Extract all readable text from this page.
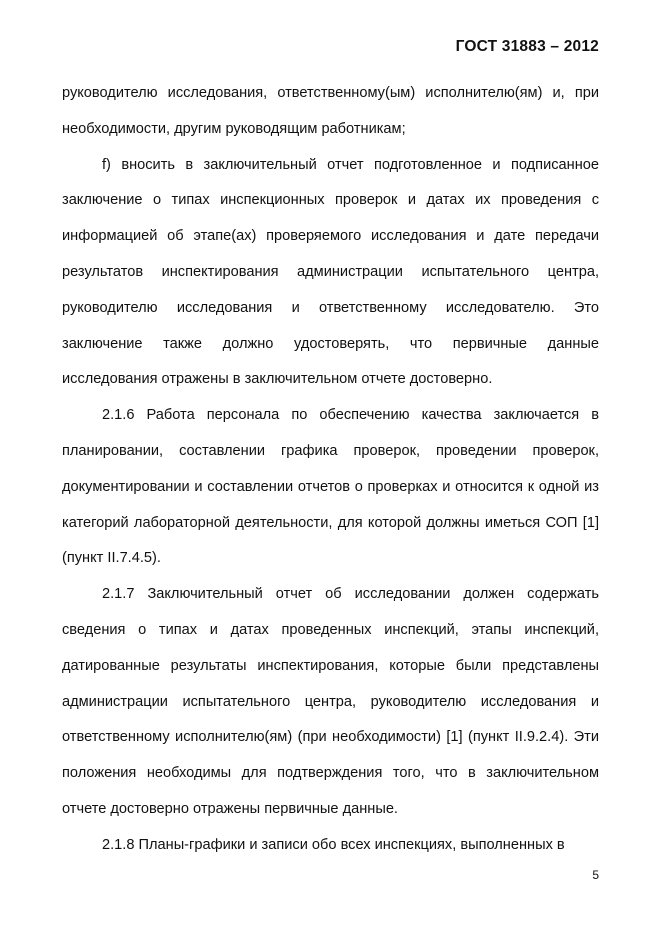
ГОСТ 31883 – 2012

руководителю исследования, ответственному(ым) исполнителю(ям) и, при необходимости, другим руководящим работникам;

f) вносить в заключительный отчет подготовленное и подписанное заключение о типах инспекционных проверок и датах их проведения с информацией об этапе(ах) проверяемого исследования и дате передачи результатов инспектирования администрации испытательного центра, руководителю исследования и ответственному исследователю. Это заключение также должно удостоверять, что первичные данные исследования отражены в заключительном отчете достоверно.

2.1.6 Работа персонала по обеспечению качества заключается в планировании, составлении графика проверок, проведении проверок, документировании и составлении отчетов о проверках и относится к одной из категорий лабораторной деятельности, для которой должны иметься СОП [1] (пункт II.7.4.5).

2.1.7 Заключительный отчет об исследовании должен содержать сведения о типах и датах проведенных инспекций, этапы инспекций, датированные результаты инспектирования, которые были представлены администрации испытательного центра, руководителю исследования и ответственному исполнителю(ям) (при необходимости) [1] (пункт II.9.2.4). Эти положения необходимы для подтверждения того, что в заключительном отчете достоверно отражены первичные данные.

2.1.8 Планы-графики и записи обо всех инспекциях, выполненных в

5
